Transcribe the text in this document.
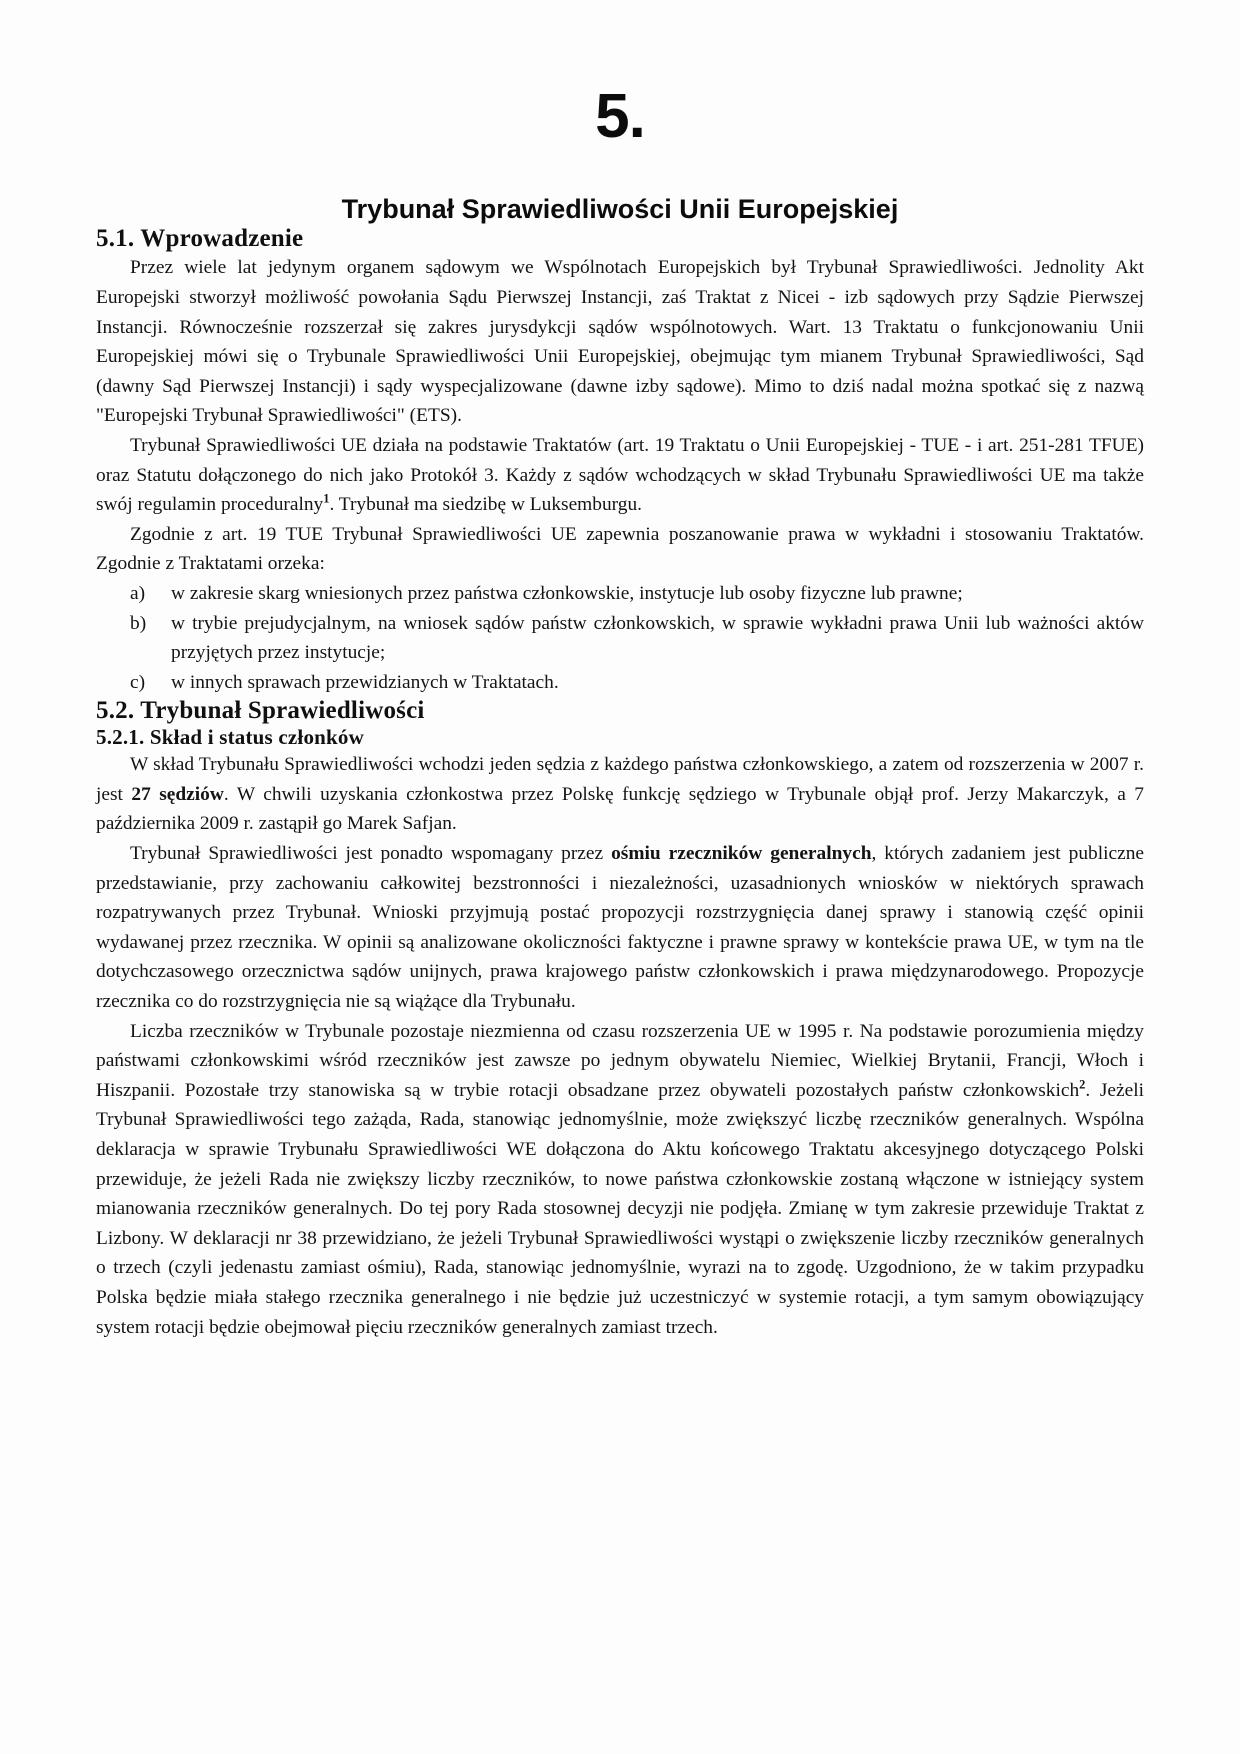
5.
Trybunał Sprawiedliwości Unii Europejskiej
5.1. Wprowadzenie

Przez wiele lat jedynym organem sądowym we Wspólnotach Europejskich był Trybunał Sprawiedliwości. Jednolity Akt Europejski stworzył możliwość powołania Sądu Pierwszej Instancji, zaś Traktat z Nicei - izb sądowych przy Sądzie Pierwszej Instancji. Równocześnie rozszerzał się zakres jurysdykcji sądów wspólnotowych. Wart. 13 Traktatu o funkcjonowaniu Unii Europejskiej mówi się o Trybunale Sprawiedliwości Unii Europejskiej, obejmując tym mianem Trybunał Sprawiedliwości, Sąd (dawny Sąd Pierwszej Instancji) i sądy wyspecjalizowane (dawne izby sądowe). Mimo to dziś nadal można spotkać się z nazwą "Europejski Trybunał Sprawiedliwości" (ETS).

Trybunał Sprawiedliwości UE działa na podstawie Traktatów (art. 19 Traktatu o Unii Europejskiej - TUE - i art. 251-281 TFUE) oraz Statutu dołączonego do nich jako Protokół 3. Każdy z sądów wchodzących w skład Trybunału Sprawiedliwości UE ma także swój regulamin proceduralny$^1$. Trybunał ma siedzibę w Luksemburgu.

Zgodnie z art. 19 TUE Trybunał Sprawiedliwości UE zapewnia poszanowanie prawa w wykładni i stosowaniu Traktatów. Zgodnie z Traktatami orzeka:

a)	w zakresie skarg wniesionych przez państwa członkowskie, instytucje lub osoby fizyczne lub prawne;
b)	w trybie prejudycjalnym, na wniosek sądów państw członkowskich, w sprawie wykładni prawa Unii lub ważności aktów przyjętych przez instytucje;
c)	w innych sprawach przewidzianych w Traktatach.
5.2. Trybunał Sprawiedliwości
5.2.1. Skład i status członków

W skład Trybunału Sprawiedliwości wchodzi jeden sędzia z każdego państwa członkowskiego, a zatem od rozszerzenia w 2007 r. jest 27 sędziów. W chwili uzyskania członkostwa przez Polskę funkcję sędziego w Trybunale objął prof. Jerzy Makarczyk, a 7 października 2009 r. zastąpił go Marek Safjan.

Trybunał Sprawiedliwości jest ponadto wspomagany przez ośmiu rzeczników generalnych, których zadaniem jest publiczne przedstawianie, przy zachowaniu całkowitej bezstronności i niezależności, uzasadnionych wniosków w niektórych sprawach rozpatrywanych przez Trybunał. Wnioski przyjmują postać propozycji rozstrzygnięcia danej sprawy i stanowią część opinii wydawanej przez rzecznika. W opinii są analizowane okoliczności faktyczne i prawne sprawy w kontekście prawa UE, w tym na tle dotychczasowego orzecznictwa sądów unijnych, prawa krajowego państw członkowskich i prawa międzynarodowego. Propozycje rzecznika co do rozstrzygnięcia nie są wiążące dla Trybunału.

Liczba rzeczników w Trybunale pozostaje niezmienna od czasu rozszerzenia UE w 1995 r. Na podstawie porozumienia między państwami członkowskimi wśród rzeczników jest zawsze po jednym obywatelu Niemiec, Wielkiej Brytanii, Francji, Włoch i Hiszpanii. Pozostałe trzy stanowiska są w trybie rotacji obsadzane przez obywateli pozostałych państw członkowskich$^2$. Jeżeli Trybunał Sprawiedliwości tego zażąda, Rada, stanowiąc jednomyślnie, może zwiększyć liczbę rzeczników generalnych. Wspólna deklaracja w sprawie Trybunału Sprawiedliwości WE dołączona do Aktu końcowego Traktatu akcesyjnego dotyczącego Polski przewiduje, że jeżeli Rada nie zwiększy liczby rzeczników, to nowe państwa członkowskie zostaną włączone w istniejący system mianowania rzeczników generalnych. Do tej pory Rada stosownej decyzji nie podjęła. Zmianę w tym zakresie przewiduje Traktat z Lizbony. W deklaracji nr 38 przewidziano, że jeżeli Trybunał Sprawiedliwości wystąpi o zwiększenie liczby rzeczników generalnych o trzech (czyli jedenastu zamiast ośmiu), Rada, stanowiąc jednomyślnie, wyrazi na to zgodę. Uzgodniono, że w takim przypadku Polska będzie miała stałego rzecznika generalnego i nie będzie już uczestniczyć w systemie rotacji, a tym samym obowiązujący system rotacji będzie obejmował pięciu rzeczników generalnych zamiast trzech.
